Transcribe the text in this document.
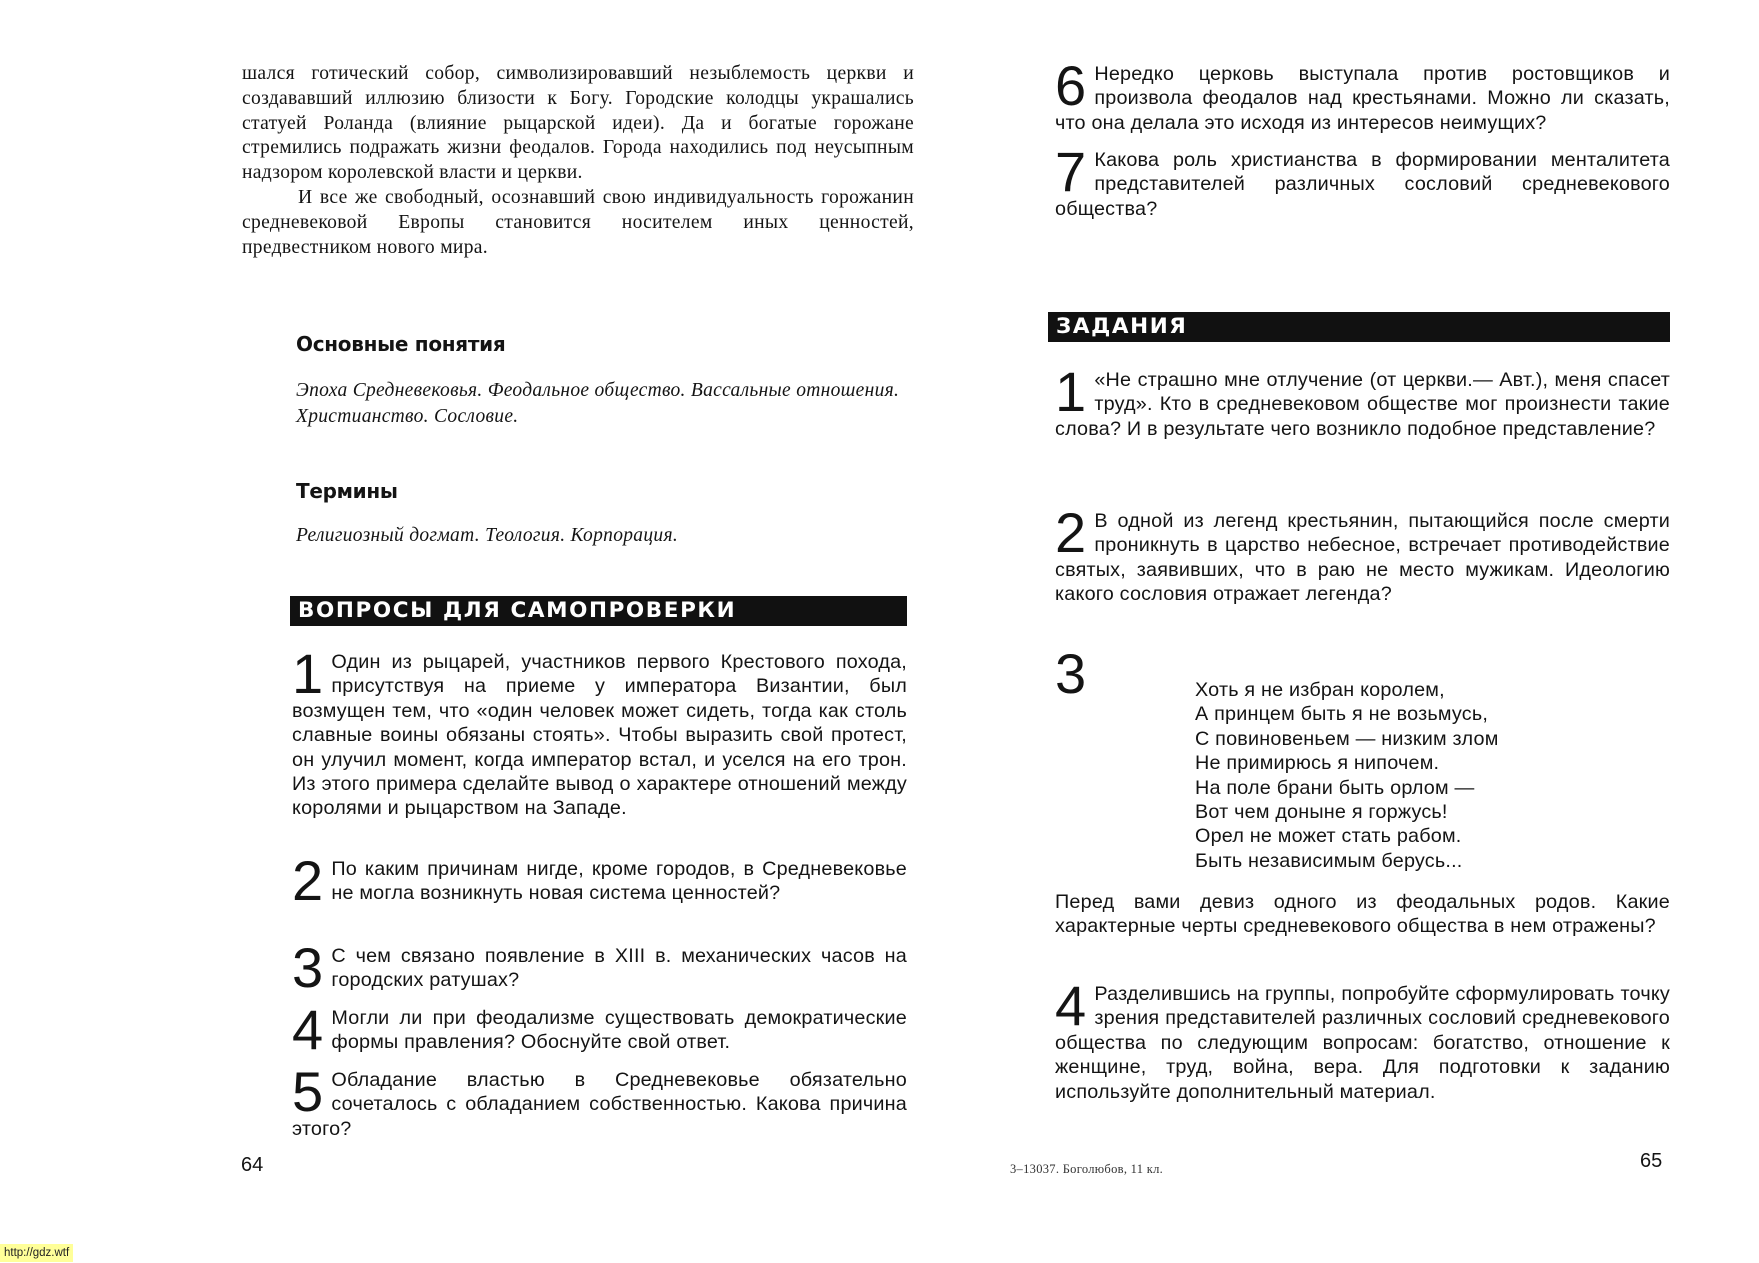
шался готический собор, символизировавший незыблемость церкви и создававший иллюзию близости к Богу. Городские колодцы украшались статуей Роланда (влияние рыцарской идеи). Да и богатые горожане стремились подражать жизни феодалов. Города находились под неусыпным надзором королевской власти и церкви.

И все же свободный, осознавший свою индивидуальность горожанин средневековой Европы становится носителем иных ценностей, предвестником нового мира.

Основные понятия

Эпоха Средневековья. Феодальное общество. Вассальные отношения. Христианство. Сословие.

Термины

Религиозный догмат. Теология. Корпорация.

ВОПРОСЫ ДЛЯ САМОПРОВЕРКИ
1 Один из рыцарей, участников первого Крестового похода, присутствуя на приеме у императора Византии, был возмущен тем, что «один человек может сидеть, тогда как столь славные воины обязаны стоять». Чтобы выразить свой протест, он улучил момент, когда император встал, и уселся на его трон. Из этого примера сделайте вывод о характере отношений между королями и рыцарством на Западе.
2 По каким причинам нигде, кроме городов, в Средневековье не могла возникнуть новая система ценностей?
3 С чем связано появление в XIII в. механических часов на городских ратушах?
4 Могли ли при феодализме существовать демократические формы правления? Обоснуйте свой ответ.
5 Обладание властью в Средневековье обязательно сочеталось с обладанием собственностью. Какова причина этого?
64
6 Нередко церковь выступала против ростовщиков и произвола феодалов над крестьянами. Можно ли сказать, что она делала это исходя из интересов неимущих?
7 Какова роль христианства в формировании менталитета представителей различных сословий средневекового общества?
ЗАДАНИЯ
1 «Не страшно мне отлучение (от церкви.— Авт.), меня спасет труд». Кто в средневековом обществе мог произнести такие слова? И в результате чего возникло подобное представление?
2 В одной из легенд крестьянин, пытающийся после смерти проникнуть в царство небесное, встречает противодействие святых, заявивших, что в раю не место мужикам. Идеологию какого сословия отражает легенда?
3
Перед вами девиз одного из феодальных родов. Какие характерные черты средневекового общества в нем отражены?
4 Разделившись на группы, попробуйте сформулировать точку зрения представителей различных сословий средневекового общества по следующим вопросам: богатство, отношение к женщине, труд, война, вера. Для подготовки к заданию используйте дополнительный материал.
3–13037. Боголюбов, 11 кл.	65
Хоть я не избран королем,
А принцем быть я не возьмусь,
С повиновеньем — низким злом
Не примирюсь я нипочем.
На поле брани быть орлом —
Вот чем доныне я горжусь!
Орел не может стать рабом.
Быть независимым берусь...
http://gdz.wtf
